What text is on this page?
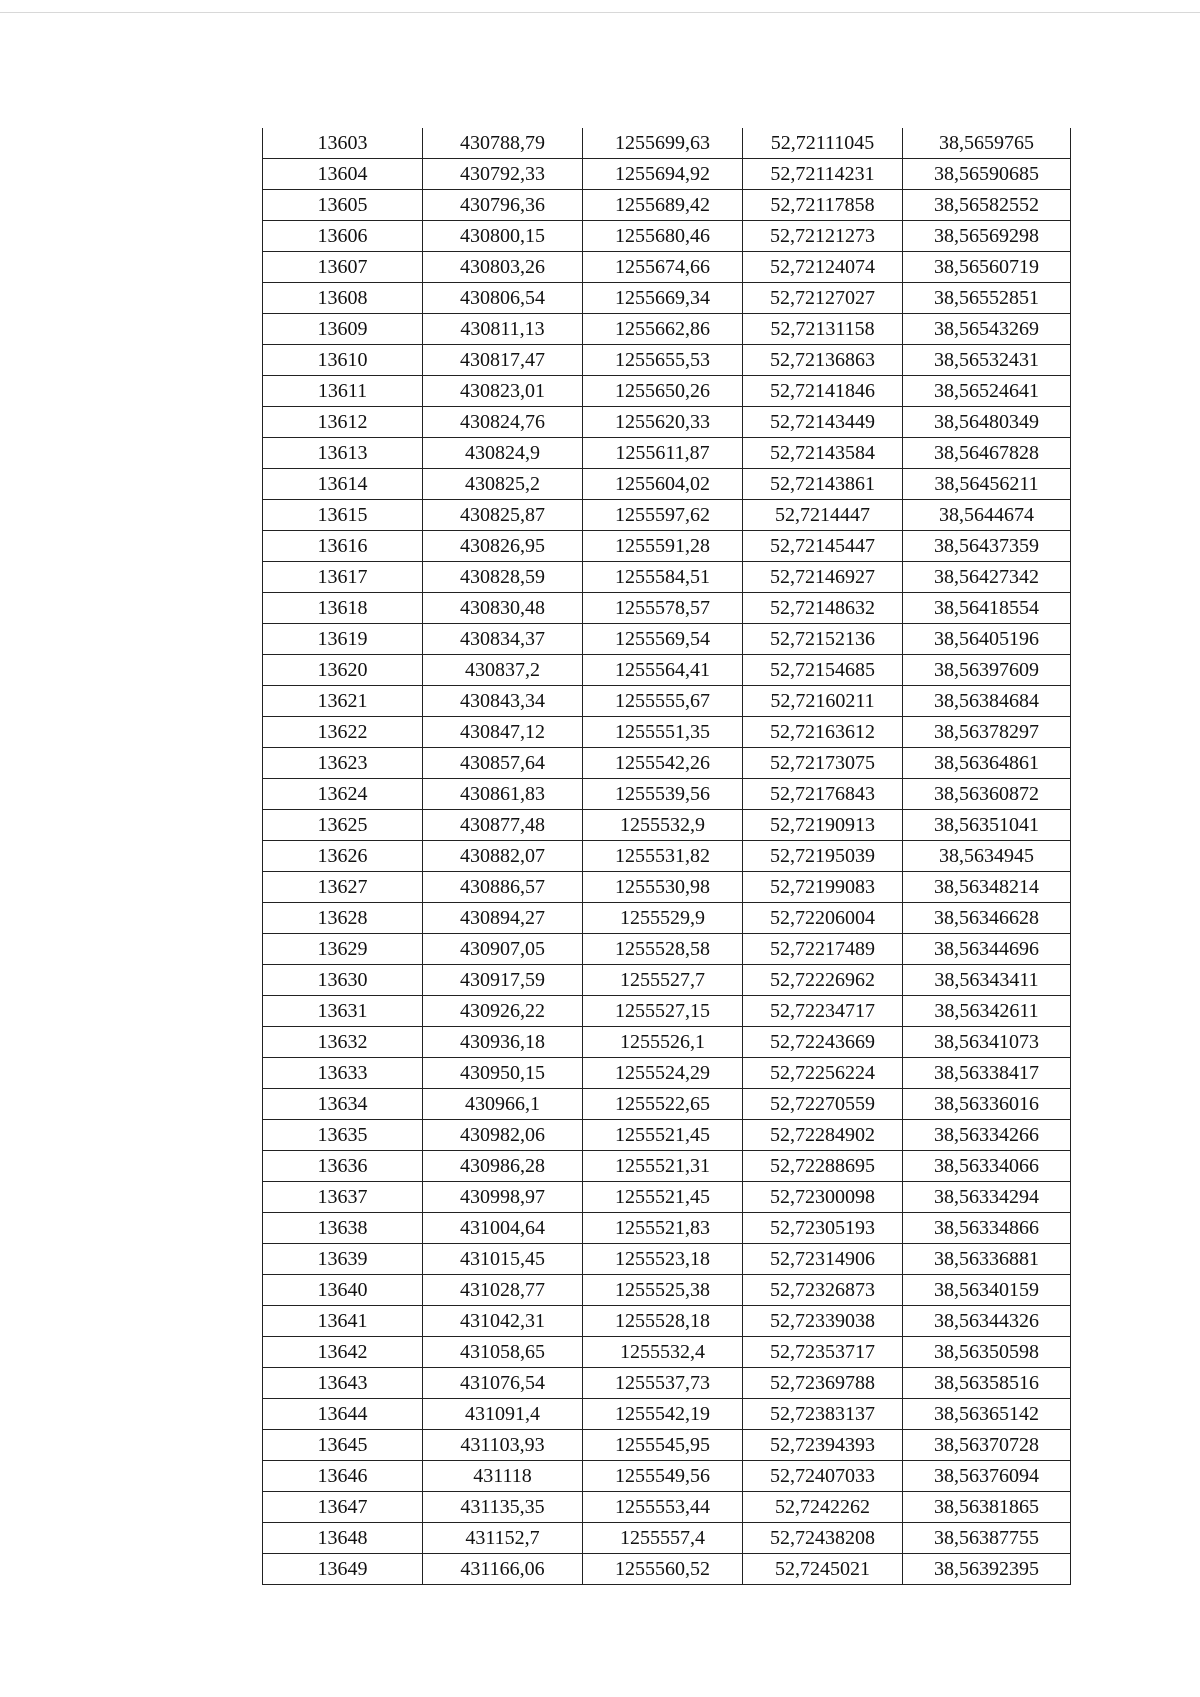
13603	430788,79	1255699,63	52,72111045	38,5659765
13604	430792,33	1255694,92	52,72114231	38,56590685
13605	430796,36	1255689,42	52,72117858	38,56582552
13606	430800,15	1255680,46	52,72121273	38,56569298
13607	430803,26	1255674,66	52,72124074	38,56560719
13608	430806,54	1255669,34	52,72127027	38,56552851
13609	430811,13	1255662,86	52,72131158	38,56543269
13610	430817,47	1255655,53	52,72136863	38,56532431
13611	430823,01	1255650,26	52,72141846	38,56524641
13612	430824,76	1255620,33	52,72143449	38,56480349
13613	430824,9	1255611,87	52,72143584	38,56467828
13614	430825,2	1255604,02	52,72143861	38,56456211
13615	430825,87	1255597,62	52,7214447	38,5644674
13616	430826,95	1255591,28	52,72145447	38,56437359
13617	430828,59	1255584,51	52,72146927	38,56427342
13618	430830,48	1255578,57	52,72148632	38,56418554
13619	430834,37	1255569,54	52,72152136	38,56405196
13620	430837,2	1255564,41	52,72154685	38,56397609
13621	430843,34	1255555,67	52,72160211	38,56384684
13622	430847,12	1255551,35	52,72163612	38,56378297
13623	430857,64	1255542,26	52,72173075	38,56364861
13624	430861,83	1255539,56	52,72176843	38,56360872
13625	430877,48	1255532,9	52,72190913	38,56351041
13626	430882,07	1255531,82	52,72195039	38,5634945
13627	430886,57	1255530,98	52,72199083	38,56348214
13628	430894,27	1255529,9	52,72206004	38,56346628
13629	430907,05	1255528,58	52,72217489	38,56344696
13630	430917,59	1255527,7	52,72226962	38,56343411
13631	430926,22	1255527,15	52,72234717	38,56342611
13632	430936,18	1255526,1	52,72243669	38,56341073
13633	430950,15	1255524,29	52,72256224	38,56338417
13634	430966,1	1255522,65	52,72270559	38,56336016
13635	430982,06	1255521,45	52,72284902	38,56334266
13636	430986,28	1255521,31	52,72288695	38,56334066
13637	430998,97	1255521,45	52,72300098	38,56334294
13638	431004,64	1255521,83	52,72305193	38,56334866
13639	431015,45	1255523,18	52,72314906	38,56336881
13640	431028,77	1255525,38	52,72326873	38,56340159
13641	431042,31	1255528,18	52,72339038	38,56344326
13642	431058,65	1255532,4	52,72353717	38,56350598
13643	431076,54	1255537,73	52,72369788	38,56358516
13644	431091,4	1255542,19	52,72383137	38,56365142
13645	431103,93	1255545,95	52,72394393	38,56370728
13646	431118	1255549,56	52,72407033	38,56376094
13647	431135,35	1255553,44	52,7242262	38,56381865
13648	431152,7	1255557,4	52,72438208	38,56387755
13649	431166,06	1255560,52	52,7245021	38,56392395
